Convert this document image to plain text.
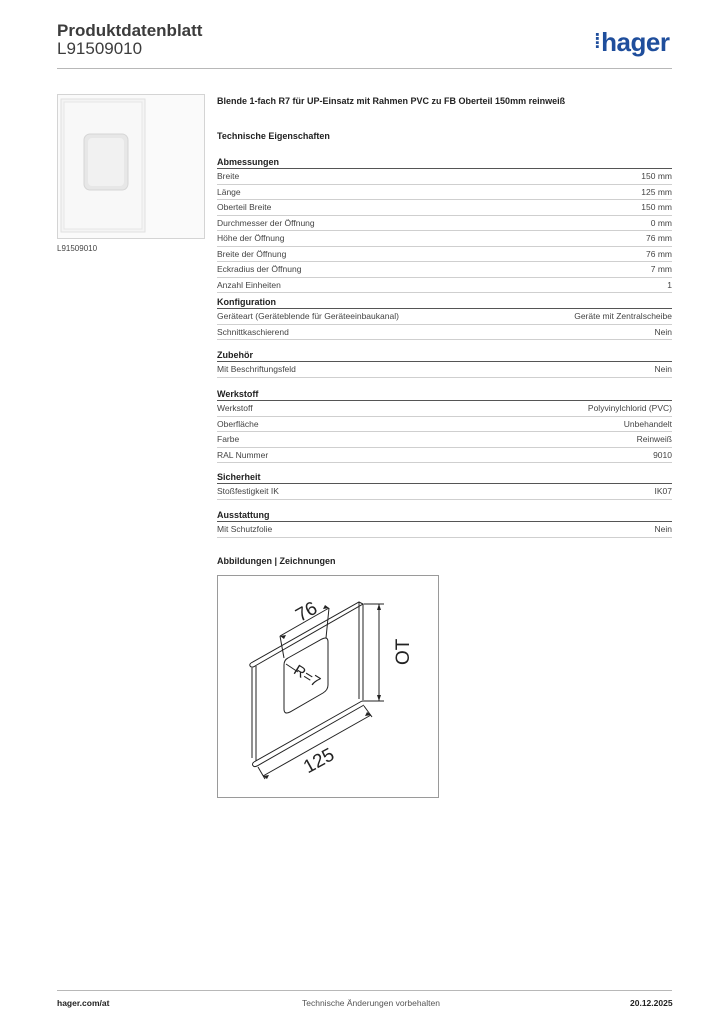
Produktdatenblatt
L91509010	⁞hager
L91509010
Blende 1-fach R7 für UP-Einsatz mit Rahmen PVC zu FB Oberteil 150mm reinweiß
Technische Eigenschaften
Abmessungen
Breite	150 mm
Länge	125 mm
Oberteil Breite	150 mm
Durchmesser der Öffnung	0 mm
Höhe der Öffnung	76 mm
Breite der Öffnung	76 mm
Eckradius der Öffnung	7 mm
Anzahl Einheiten	1
Konfiguration
Geräteart (Geräteblende für Geräteeinbaukanal)	Geräte mit Zentralscheibe
Schnittkaschierend	Nein
Zubehör
Mit Beschriftungsfeld	Nein
Werkstoff
Werkstoff	Polyvinylchlorid (PVC)
Oberfläche	Unbehandelt
Farbe	Reinweiß
RAL Nummer	9010
Sicherheit
Stoßfestigkeit IK	IK07
Ausstattung
Mit Schutzfolie	Nein
Abbildungen | Zeichnungen
76
OT
R=7
125
hager.com/at	Technische Änderungen vorbehalten	20.12.2025
